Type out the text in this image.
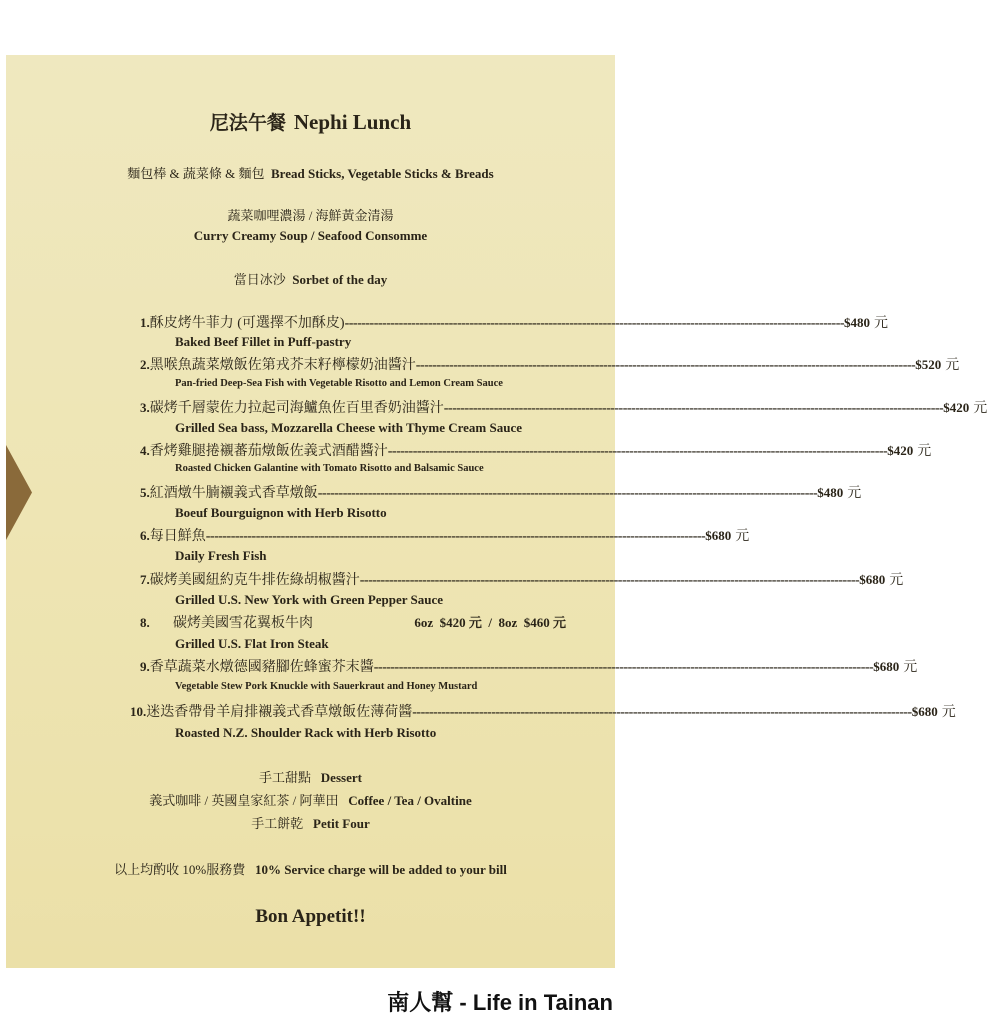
尼法午餐 Nephi Lunch
麵包棒 & 蔬菜條 & 麵包 Bread Sticks, Vegetable Sticks & Breads
蔬菜咖哩濃湯 / 海鮮黃金清湯
Curry Creamy Soup / Seafood Consomme
當日冰沙 Sorbet of the day
1. 酥皮烤牛菲力 (可選擇不加酥皮) ------------------------------------------------------------------------------------------------------------------------ $480 元
Baked Beef Fillet in Puff-pastry
2. 黑喉魚蔬菜燉飯佐第戎芥末籽檸檬奶油醬汁 ------------------------------------------------------------------------------------------------------------------------ $520 元
Pan-fried Deep-Sea Fish with Vegetable Risotto and Lemon Cream Sauce
3. 碳烤千層蒙佐力拉起司海鱸魚佐百里香奶油醬汁 ------------------------------------------------------------------------------------------------------------------------ $420 元
Grilled Sea bass, Mozzarella Cheese with Thyme Cream Sauce
4. 香烤雞腿捲襯蕃茄燉飯佐義式酒醋醬汁 ------------------------------------------------------------------------------------------------------------------------ $420 元
Roasted Chicken Galantine with Tomato Risotto and Balsamic Sauce
5. 紅酒燉牛腩襯義式香草燉飯 ------------------------------------------------------------------------------------------------------------------------ $480 元
Boeuf Bourguignon with Herb Risotto
6. 每日鮮魚 ------------------------------------------------------------------------------------------------------------------------ $680 元
Daily Fresh Fish
7. 碳烤美國紐約克牛排佐綠胡椒醬汁 ------------------------------------------------------------------------------------------------------------------------ $680 元
Grilled U.S. New York with Green Pepper Sauce
8.	碳烤美國雪花翼板牛肉	6oz  $420 元  /  8oz  $460 元
Grilled U.S. Flat Iron Steak
9. 香草蔬菜水燉德國豬腳佐蜂蜜芥末醬 ------------------------------------------------------------------------------------------------------------------------ $680 元
Vegetable Stew Pork Knuckle with Sauerkraut and Honey Mustard
10. 迷迭香帶骨羊肩排襯義式香草燉飯佐薄荷醬 ------------------------------------------------------------------------------------------------------------------------ $680 元
Roasted N.Z. Shoulder Rack with Herb Risotto
手工甜點 Dessert
義式咖啡 / 英國皇家紅茶 / 阿華田 Coffee / Tea / Ovaltine
手工餅乾 Petit Four
以上均酌收 10%服務費 10% Service charge will be added to your bill
Bon Appetit!!
南人幫 - Life in Tainan
